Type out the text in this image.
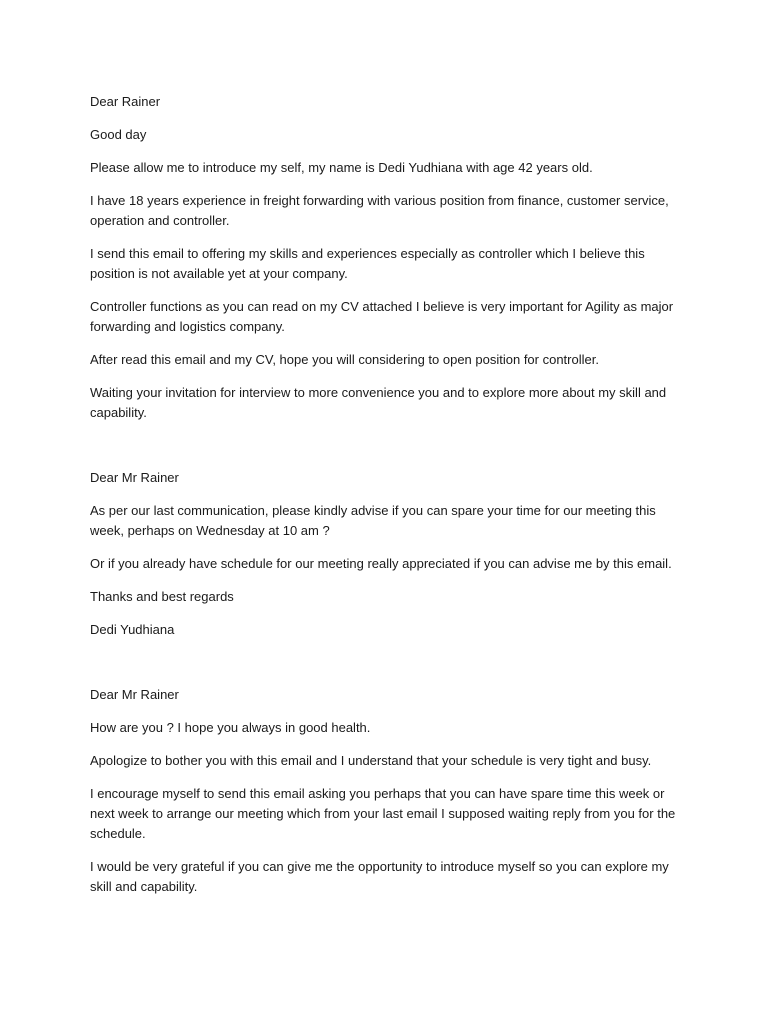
Dear Rainer

Good day

Please allow me to introduce my self, my name is Dedi Yudhiana with age 42 years old.

I have 18 years experience in freight forwarding with various position from finance, customer service, operation and controller.

I send this email to offering my skills and experiences especially as controller which I believe this position is not available yet at your company.

Controller functions as you can read on my CV attached I believe is very important for Agility as major forwarding and logistics company.

After read this email and my CV, hope you will considering to open position for controller.

Waiting your invitation for interview to more convenience you and to explore more about my skill and capability.

Dear Mr Rainer

As per our last communication, please kindly advise if you can spare your time for our meeting this week, perhaps on Wednesday at 10 am ?

Or if you already have schedule for our meeting really appreciated if you can advise me by this email.

Thanks and best regards

Dedi Yudhiana

Dear Mr Rainer

How are you ? I hope you always in good health.

Apologize to bother you with this email and I understand that your schedule is very tight and busy.

I encourage myself to send this email asking you perhaps that you can have spare time this week or next week to arrange our meeting which from your last email I supposed waiting reply from you for the schedule.

I would be very grateful if you can give me the opportunity to introduce myself so you can explore my skill and capability.
